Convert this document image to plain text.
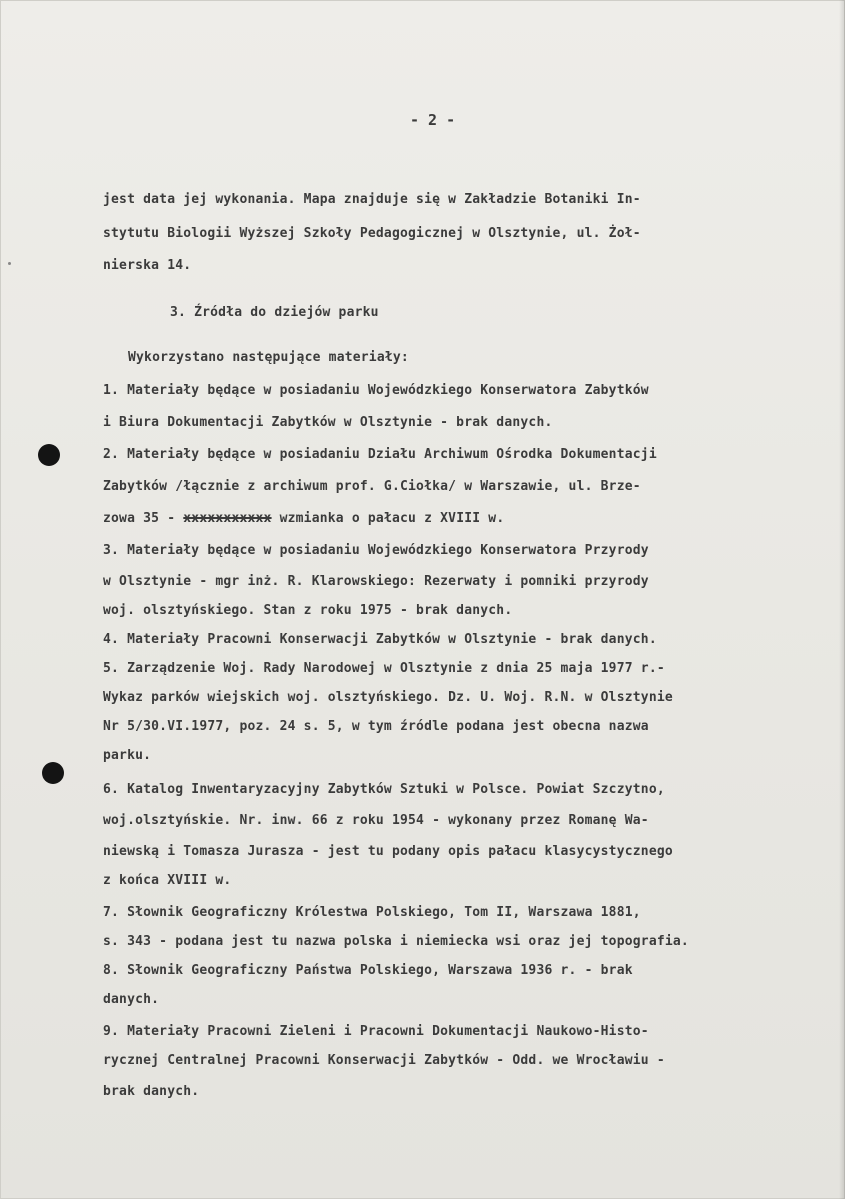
- 2 -
jest data jej wykonania. Mapa znajduje się w Zakładzie Botaniki In-
stytutu Biologii Wyższej Szkoły Pedagogicznej w Olsztynie, ul. Żoł-
nierska 14.
3. Źródła do dziejów parku
Wykorzystano następujące materiały:
1. Materiały będące w posiadaniu Wojewódzkiego Konserwatora Zabytków
i Biura Dokumentacji Zabytków w Olsztynie - brak danych.
2. Materiały będące w posiadaniu Działu Archiwum Ośrodka Dokumentacji
Zabytków /łącznie z archiwum prof. G.Ciołka/ w Warszawie, ul. Brze-
zowa 35 - xxxxxxxxxxx wzmianka o pałacu z XVIII w.
3. Materiały będące w posiadaniu Wojewódzkiego Konserwatora Przyrody
w Olsztynie - mgr inż. R. Klarowskiego: Rezerwaty i pomniki przyrody
woj. olsztyńskiego. Stan z roku 1975 - brak danych.
4. Materiały Pracowni Konserwacji Zabytków w Olsztynie - brak danych.
5. Zarządzenie Woj. Rady Narodowej w Olsztynie z dnia 25 maja 1977 r.-
Wykaz parków wiejskich woj. olsztyńskiego. Dz. U. Woj. R.N. w Olsztynie
Nr 5/30.VI.1977, poz. 24 s. 5, w tym źródle podana jest obecna nazwa
parku.
6. Katalog Inwentaryzacyjny Zabytków Sztuki w Polsce. Powiat Szczytno,
woj.olsztyńskie. Nr. inw. 66 z roku 1954 - wykonany przez Romanę Wa-
niewską i Tomasza Jurasza - jest tu podany opis pałacu klasycystycznego
z końca XVIII w.
7. Słownik Geograficzny Królestwa Polskiego, Tom II, Warszawa 1881,
s. 343 - podana jest tu nazwa polska i niemiecka wsi oraz jej topografia.
8. Słownik Geograficzny Państwa Polskiego, Warszawa 1936 r. - brak
danych.
9. Materiały Pracowni Zieleni i Pracowni Dokumentacji Naukowo-Histo-
rycznej Centralnej Pracowni Konserwacji Zabytków - Odd. we Wrocławiu -
brak danych.
